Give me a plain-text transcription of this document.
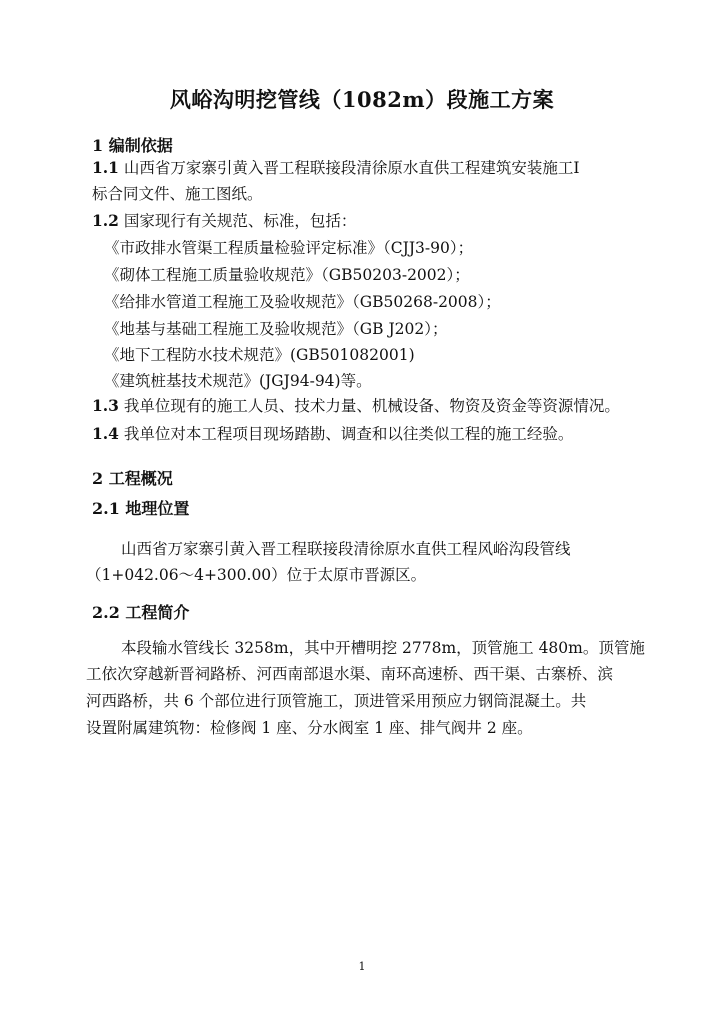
风峪沟明挖管线（1082m）段施工方案
1 编制依据
1.1 山西省万家寨引黄入晋工程联接段清徐原水直供工程建筑安装施工Ⅰ
标合同文件、施工图纸。
1.2 国家现行有关规范、标准，包括：
《市政排水管渠工程质量检验评定标准》（CJJ3-90）；
《砌体工程施工质量验收规范》（GB50203-2002）；
《给排水管道工程施工及验收规范》（GB50268-2008）；
《地基与基础工程施工及验收规范》（GB J202）；
《地下工程防水技术规范》(GB501082001)
《建筑桩基技术规范》(JGJ94-94)等。
1.3 我单位现有的施工人员、技术力量、机械设备、物资及资金等资源情况。
1.4 我单位对本工程项目现场踏勘、调查和以往类似工程的施工经验。
2 工程概况
2.1 地理位置
山西省万家寨引黄入晋工程联接段清徐原水直供工程风峪沟段管线
（1+042.06～4+300.00）位于太原市晋源区。
2.2 工程简介
本段输水管线长 3258m，其中开槽明挖 2778m，顶管施工 480m。顶管施
工依次穿越新晋祠路桥、河西南部退水渠、南环高速桥、西干渠、古寨桥、滨
河西路桥，共 6 个部位进行顶管施工，顶进管采用预应力钢筒混凝土。共
设置附属建筑物：检修阀 1 座、分水阀室 1 座、排气阀井 2 座。
1
